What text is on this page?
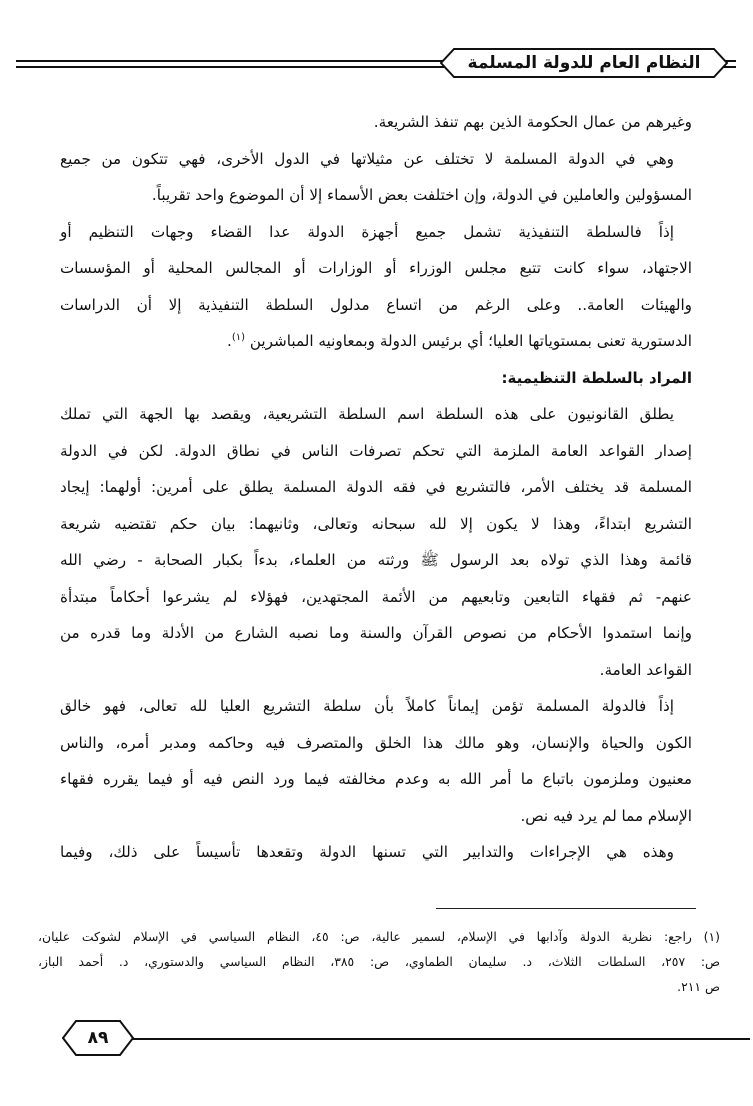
النظام العام للدولة المسلمة
وغيرهم من عمال الحكومة الذين بهم تنفذ الشريعة.
وهي في الدولة المسلمة لا تختلف عن مثيلاتها في الدول الأخرى، فهي تتكون من جميع
المسؤولين والعاملين في الدولة، وإن اختلفت بعض الأسماء إلا أن الموضوع واحد تقريباً.
إذاً فالسلطة التنفيذية تشمل جميع أجهزة الدولة عدا القضاء وجهات التنظيم أو
الاجتهاد، سواء كانت تتبع مجلس الوزراء أو الوزارات أو المجالس المحلية أو المؤسسات
والهيئات العامة.. وعلى الرغم من اتساع مدلول السلطة التنفيذية إلا أن الدراسات
الدستورية تعنى بمستوياتها العليا؛ أي برئيس الدولة وبمعاونيه المباشرين $^{(١)}$.
المراد بالسلطة التنظيمية:
يطلق القانونيون على هذه السلطة اسم السلطة التشريعية، ويقصد بها الجهة التي تملك
إصدار القواعد العامة الملزمة التي تحكم تصرفات الناس في نطاق الدولة. لكن في الدولة
المسلمة قد يختلف الأمر، فالتشريع في فقه الدولة المسلمة يطلق على أمرين: أولهما: إيجاد
التشريع ابتداءً، وهذا لا يكون إلا لله سبحانه وتعالى، وثانيهما: بيان حكم تقتضيه شريعة
قائمة وهذا الذي تولاه بعد الرسول ﷺ ورثته من العلماء، بدءاً بكبار الصحابة - رضي الله
عنهم- ثم فقهاء التابعين وتابعيهم من الأئمة المجتهدين، فهؤلاء لم يشرعوا أحكاماً مبتدأة
وإنما استمدوا الأحكام من نصوص القرآن والسنة وما نصبه الشارع من الأدلة وما قدره من
القواعد العامة.
إذاً فالدولة المسلمة تؤمن إيماناً كاملاً بأن سلطة التشريع العليا لله تعالى، فهو خالق
الكون والحياة والإنسان، وهو مالك هذا الخلق والمتصرف فيه وحاكمه ومدبر أمره، والناس
معنيون وملزمون باتباع ما أمر الله به وعدم مخالفته فيما ورد النص فيه أو فيما يقرره فقهاء
الإسلام مما لم يرد فيه نص.
وهذه هي الإجراءات والتدابير التي تسنها الدولة وتقعدها تأسيساً على ذلك، وفيما
(١) راجع: نظرية الدولة وآدابها في الإسلام، لسمير عالية، ص: ٤٥، النظام السياسي في الإسلام لشوكت عليان،
ص: ٢٥٧، السلطات الثلاث، د. سليمان الطماوي، ص: ٣٨٥، النظام السياسي والدستوري، د. أحمد الباز،
ص ٢١١.
٨٩
